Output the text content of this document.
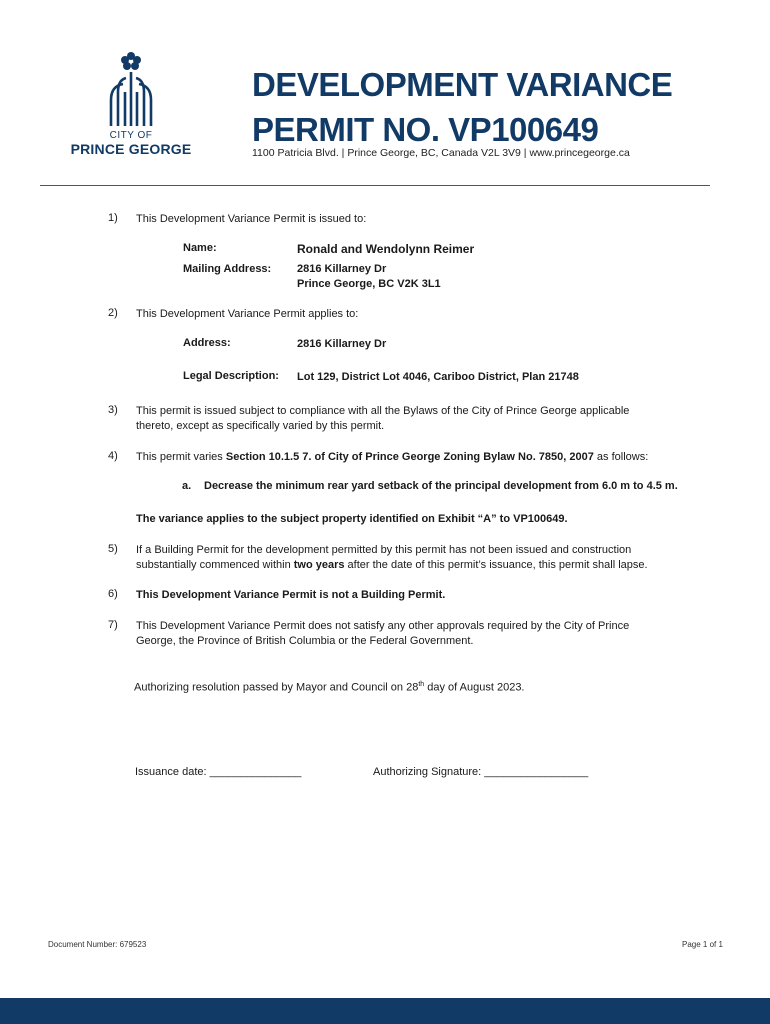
CITY OF
PRINCE GEORGE
DEVELOPMENT VARIANCE
PERMIT NO. VP100649
1100 Patricia Blvd. | Prince George, BC, Canada V2L 3V9 | www.princegeorge.ca
1) This Development Variance Permit is issued to:
Name:	Ronald and Wendolynn Reimer
Mailing Address: 2816 Killarney Dr
Prince George, BC V2K 3L1
2) This Development Variance Permit applies to:
Address:	2816 Killarney Dr
Legal Description: Lot 129, District Lot 4046, Cariboo District, Plan 21748
3) This permit is issued subject to compliance with all the Bylaws of the City of Prince George applicable
thereto, except as specifically varied by this permit.
4) This permit varies Section 10.1.5 7. of City of Prince George Zoning Bylaw No. 7850, 2007 as follows:
a. Decrease the minimum rear yard setback of the principal development from 6.0 m to 4.5 m.
The variance applies to the subject property identified on Exhibit “A” to VP100649.
5) If a Building Permit for the development permitted by this permit has not been issued and construction
substantially commenced within two years after the date of this permit’s issuance, this permit shall lapse.
6) This Development Variance Permit is not a Building Permit.
7) This Development Variance Permit does not satisfy any other approvals required by the City of Prince
George, the Province of British Columbia or the Federal Government.
Authorizing resolution passed by Mayor and Council on 28th day of August 2023.
Issuance date: _______________	Authorizing Signature: _________________
Document Number: 679523	Page 1 of 1
